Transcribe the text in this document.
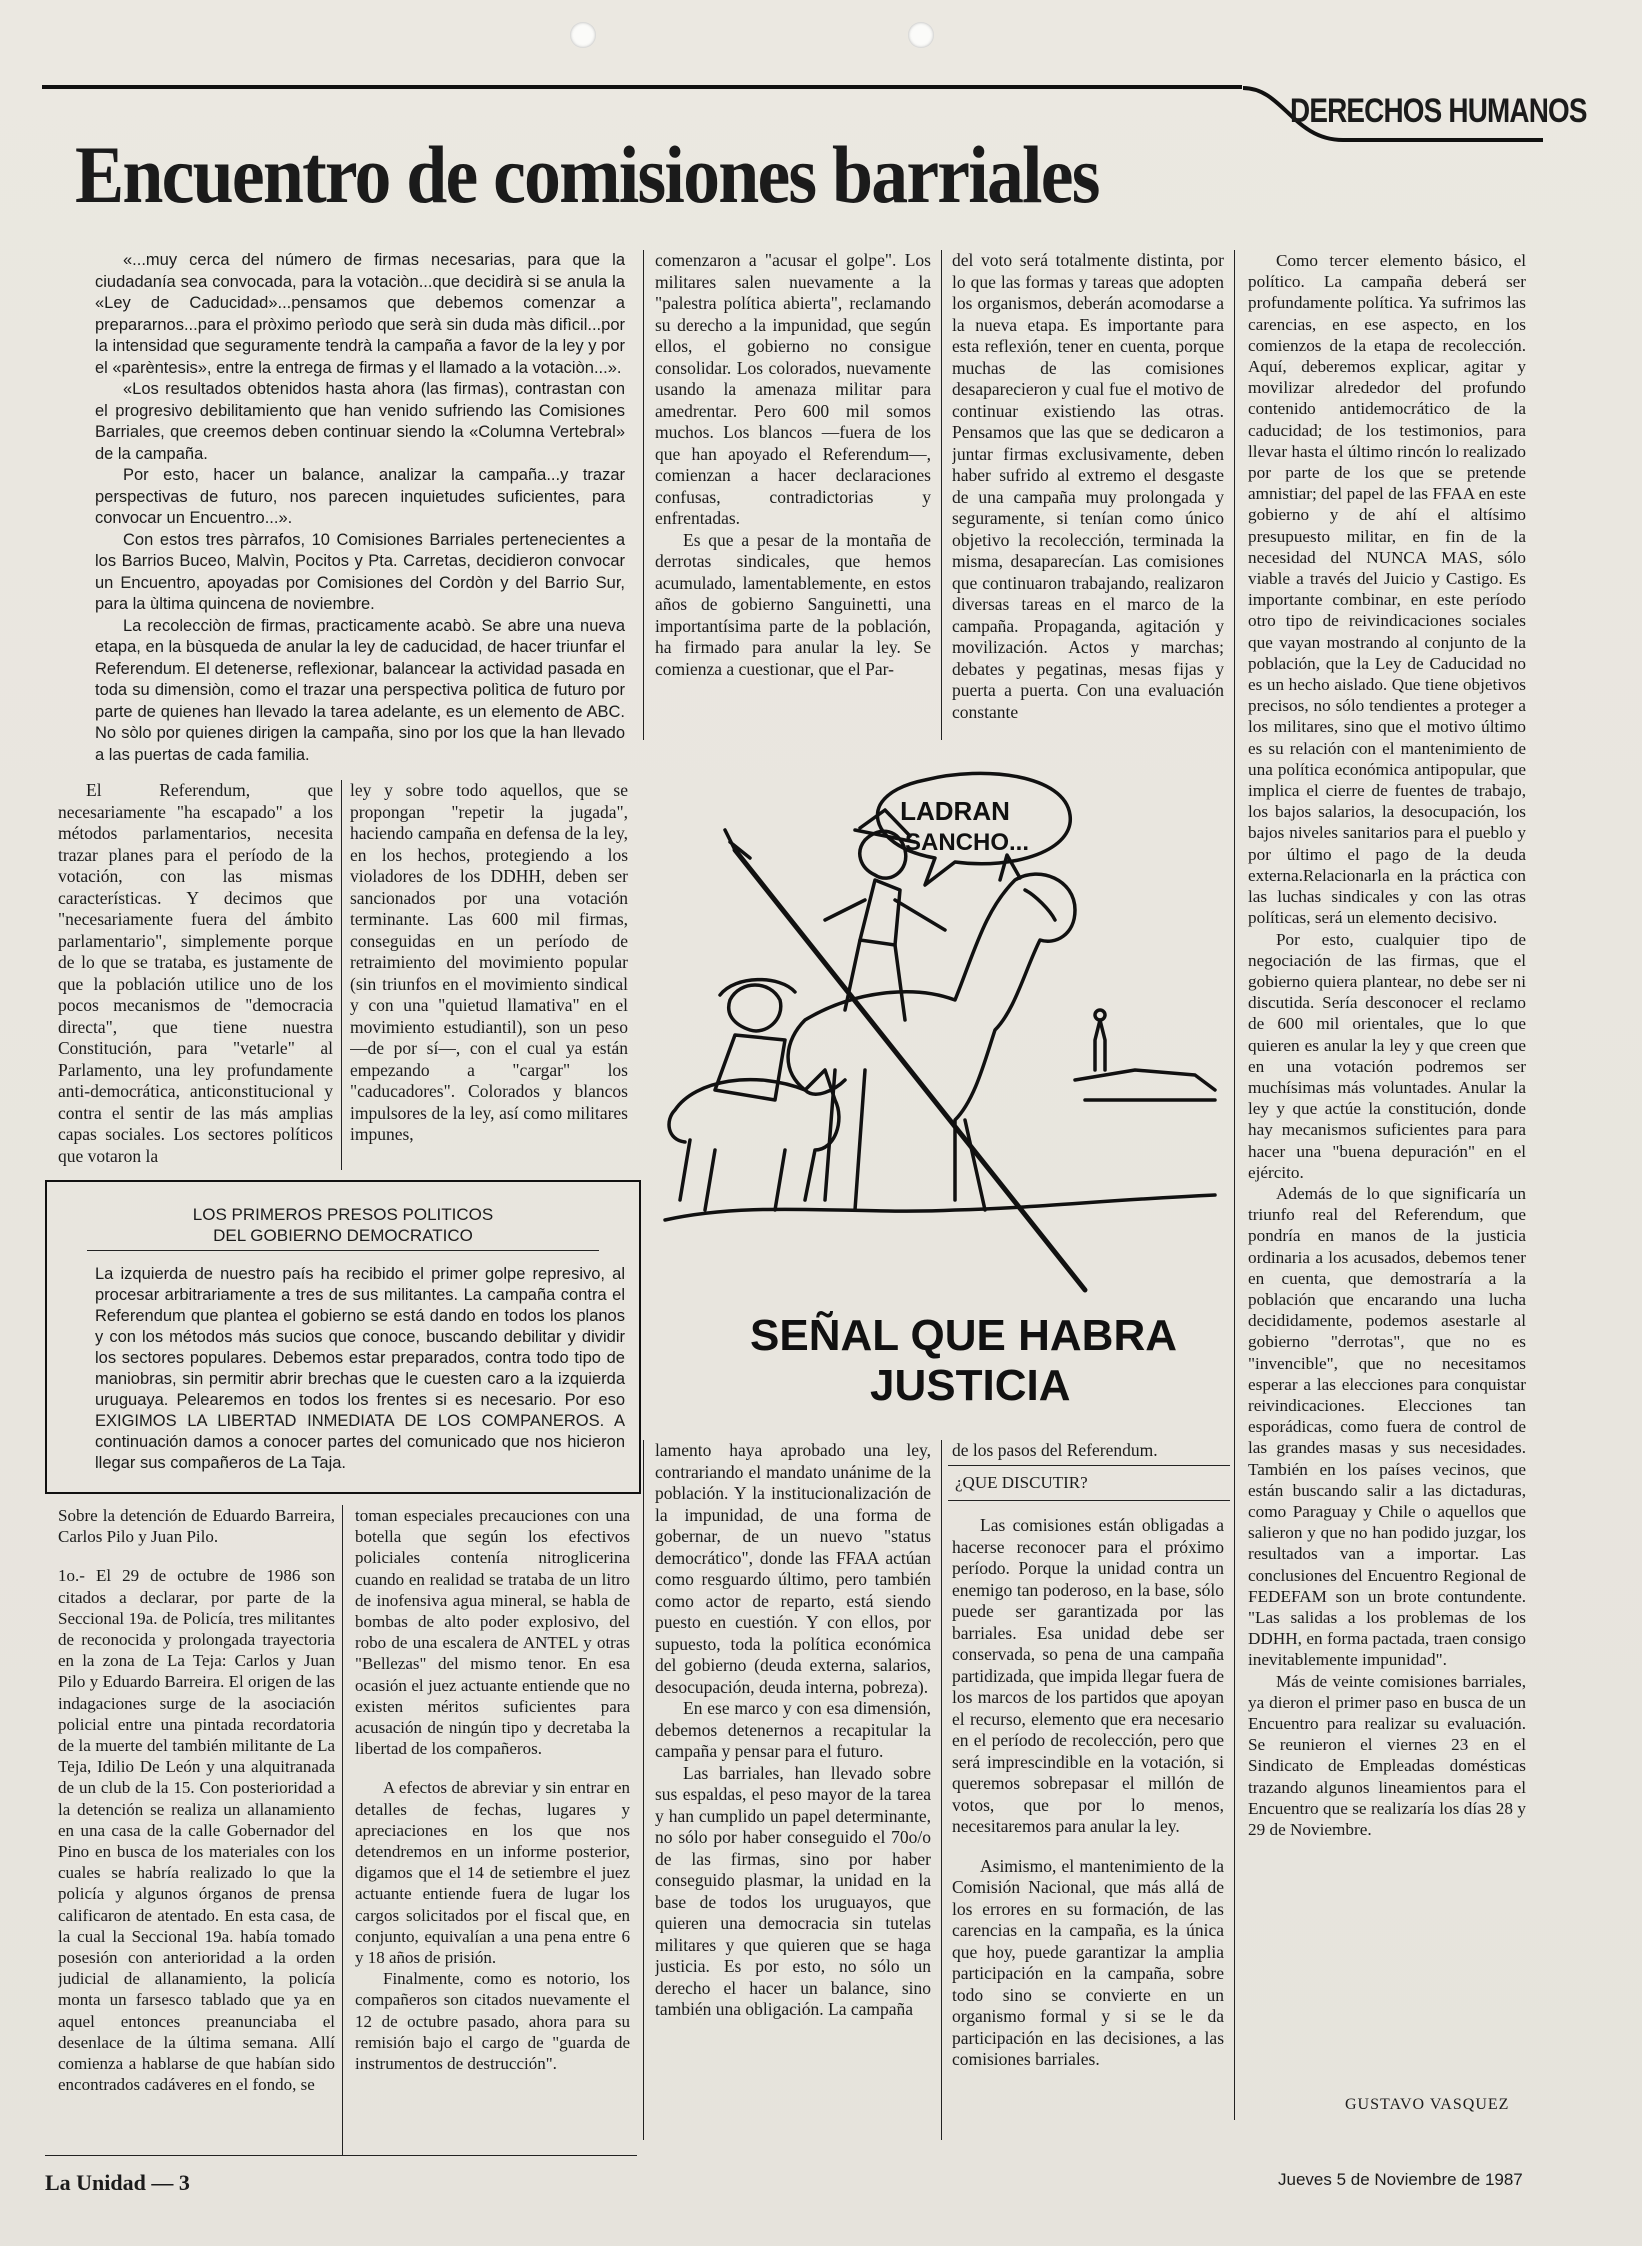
DERECHOS HUMANOS
Encuentro de comisiones barriales

«...muy cerca del número de firmas necesarias, para que la ciudadanía sea convocada, para la votaciòn...que decidirà si se anula la «Ley de Caducidad»...pensamos que debemos comenzar a prepararnos...para el pròximo perìodo que serà sin duda màs difìcil...por la intensidad que seguramente tendrà la campaña a favor de la ley y por el «parèntesis», entre la entrega de firmas y el llamado a la votaciòn...».

«Los resultados obtenidos hasta ahora (las firmas), contrastan con el progresivo debilitamiento que han venido sufriendo las Comisiones Barriales, que creemos deben continuar siendo la «Columna Vertebral» de la campaña.

Por esto, hacer un balance, analizar la campaña...y trazar perspectivas de futuro, nos parecen inquietudes suficientes, para convocar un Encuentro...».

Con estos tres pàrrafos, 10 Comisiones Barriales pertenecientes a los Barrios Buceo, Malvìn, Pocitos y Pta. Carretas, decidieron convocar un Encuentro, apoyadas por Comisiones del Cordòn y del Barrio Sur, para la ùltima quincena de noviembre.

La recolecciòn de firmas, practicamente acabò. Se abre una nueva etapa, en la bùsqueda de anular la ley de caducidad, de hacer triunfar el Referendum. El detenerse, reflexionar, balancear la actividad pasada en toda su dimensiòn, como el trazar una perspectiva polìtica de futuro por parte de quienes han llevado la tarea adelante, es un elemento de ABC. No sòlo por quienes dirigen la campaña, sino por los que la han llevado a las puertas de cada familia.

El Referendum, que necesariamente "ha escapado" a los métodos parlamentarios, necesita trazar planes para el período de la votación, con las mismas características. Y decimos que "necesariamente fuera del ámbito parlamentario", simplemente porque de lo que se trataba, es justamente de que la población utilice uno de los pocos mecanismos de "democracia directa", que tiene nuestra Constitución, para "vetarle" al Parlamento, una ley profundamente anti-democrática, anticonstitucional y contra el sentir de las más amplias capas sociales. Los sectores políticos que votaron la

ley y sobre todo aquellos, que se propongan "repetir la jugada", haciendo campaña en defensa de la ley, en los hechos, protegiendo a los violadores de los DDHH, deben ser sancionados por una votación terminante. Las 600 mil firmas, conseguidas en un período de retraimiento del movimiento popular (sin triunfos en el movimiento sindical y con una "quietud llamativa" en el movimiento estudiantil), son un peso —de por sí—, con el cual ya están empezando a "cargar" los "caducadores". Colorados y blancos impulsores de la ley, así como militares impunes,

comenzaron a "acusar el golpe". Los militares salen nuevamente a la "palestra política abierta", reclamando su derecho a la impunidad, que según ellos, el gobierno no consigue consolidar. Los colorados, nuevamente usando la amenaza militar para amedrentar. Pero 600 mil somos muchos. Los blancos —fuera de los que han apoyado el Referendum—, comienzan a hacer declaraciones confusas, contradictorias y enfrentadas.

Es que a pesar de la montaña de derrotas sindicales, que hemos acumulado, lamentablemente, en estos años de gobierno Sanguinetti, una importantísima parte de la población, ha firmado para anular la ley. Se comienza a cuestionar, que el Par-

del voto será totalmente distinta, por lo que las formas y tareas que adopten los organismos, deberán acomodarse a la nueva etapa. Es importante para esta reflexión, tener en cuenta, porque muchas de las comisiones desaparecieron y cual fue el motivo de continuar existiendo las otras. Pensamos que las que se dedicaron a juntar firmas exclusivamente, deben haber sufrido al extremo el desgaste de una campaña muy prolongada y seguramente, si tenían como único objetivo la recolección, terminada la misma, desaparecían. Las comisiones que continuaron trabajando, realizaron diversas tareas en el marco de la campaña. Propaganda, agitación y movilización. Actos y marchas; debates y pegatinas, mesas fijas y puerta a puerta. Con una evaluación constante

Como tercer elemento básico, el político. La campaña deberá ser profundamente política. Ya sufrimos las carencias, en ese aspecto, en los comienzos de la etapa de recolección. Aquí, deberemos explicar, agitar y movilizar alrededor del profundo contenido antidemocrático de la caducidad; de los testimonios, para llevar hasta el último rincón lo realizado por parte de los que se pretende amnistiar; del papel de las FFAA en este gobierno y de ahí el altísimo presupuesto militar, en fin de la necesidad del NUNCA MAS, sólo viable a través del Juicio y Castigo. Es importante combinar, en este período otro tipo de reivindicaciones sociales que vayan mostrando al conjunto de la población, que la Ley de Caducidad no es un hecho aislado. Que tiene objetivos precisos, no sólo tendientes a proteger a los militares, sino que el motivo último es su relación con el mantenimiento de una política económica antipopular, que implica el cierre de fuentes de trabajo, los bajos salarios, la desocupación, los bajos niveles sanitarios para el pueblo y por último el pago de la deuda externa.Relacionarla en la práctica con las luchas sindicales y con las otras políticas, será un elemento decisivo.

Por esto, cualquier tipo de negociación de las firmas, que el gobierno quiera plantear, no debe ser ni discutida. Sería desconocer el reclamo de 600 mil orientales, que lo que quieren es anular la ley y que creen que en una votación podremos ser muchísimas más voluntades. Anular la ley y que actúe la constitución, donde hay mecanismos suficientes para para hacer una "buena depuración" en el ejército.

Además de lo que significaría un triunfo real del Referendum, que pondría en manos de la justicia ordinaria a los acusados, debemos tener en cuenta, que demostraría a la población que encarando una lucha decididamente, podemos asestarle al gobierno "derrotas", que no es "invencible", que no necesitamos esperar a las elecciones para conquistar reivindicaciones. Elecciones tan esporádicas, como fuera de control de las grandes masas y sus necesidades. También en los países vecinos, que están buscando salir a las dictaduras, como Paraguay y Chile o aquellos que salieron y que no han podido juzgar, los resultados van a importar. Las conclusiones del Encuentro Regional de FEDEFAM son un brote contundente. "Las salidas a los problemas de los DDHH, en forma pactada, traen consigo inevitablemente impunidad".

Más de veinte comisiones barriales, ya dieron el primer paso en busca de un Encuentro para realizar su evaluación. Se reunieron el viernes 23 en el Sindicato de Empleadas domésticas trazando algunos lineamientos para el Encuentro que se realizaría los días 28 y 29 de Noviembre.

GUSTAVO VASQUEZ
LADRAN
SANCHO...
SEÑAL QUE HABRA
JUSTICIA
LOS PRIMEROS PRESOS POLITICOS
DEL GOBIERNO DEMOCRATICO
La izquierda de nuestro país ha recibido el primer golpe represivo, al procesar arbitrariamente a tres de sus militantes. La campaña contra el Referendum que plantea el gobierno se está dando en todos los planos y con los métodos más sucios que conoce, buscando debilitar y dividir los sectores populares. Debemos estar preparados, contra todo tipo de maniobras, sin permitir abrir brechas que le cuesten caro a la izquierda uruguaya. Pelearemos en todos los frentes si es necesario. Por eso EXIGIMOS LA LIBERTAD INMEDIATA DE LOS COMPANEROS. A continuación damos a conocer partes del comunicado que nos hicieron llegar sus compañeros de La Taja.

Sobre la detención de Eduardo Barreira, Carlos Pilo y Juan Pilo.

1o.- El 29 de octubre de 1986 son citados a declarar, por parte de la Seccional 19a. de Policía, tres militantes de reconocida y prolongada trayectoria en la zona de La Teja: Carlos y Juan Pilo y Eduardo Barreira. El origen de las indagaciones surge de la asociación policial entre una pintada recordatoria de la muerte del también militante de La Teja, Idilio De León y una alquitranada de un club de la 15. Con posterioridad a la detención se realiza un allanamiento en una casa de la calle Gobernador del Pino en busca de los materiales con los cuales se habría realizado lo que la policía y algunos órganos de prensa calificaron de atentado. En esta casa, de la cual la Seccional 19a. había tomado posesión con anterioridad a la orden judicial de allanamiento, la policía monta un farsesco tablado que ya en aquel entonces preanunciaba el desenlace de la última semana. Allí comienza a hablarse de que habían sido encontrados cadáveres en el fondo, se

toman especiales precauciones con una botella que según los efectivos policiales contenía nitroglicerina cuando en realidad se trataba de un litro de inofensiva agua mineral, se habla de bombas de alto poder explosivo, del robo de una escalera de ANTEL y otras "Bellezas" del mismo tenor. En esa ocasión el juez actuante entiende que no existen méritos suficientes para acusación de ningún tipo y decretaba la libertad de los compañeros.

A efectos de abreviar y sin entrar en detalles de fechas, lugares y apreciaciones en los que nos detendremos en un informe posterior, digamos que el 14 de setiembre el juez actuante entiende fuera de lugar los cargos solicitados por el fiscal que, en conjunto, equivalían a una pena entre 6 y 18 años de prisión.

Finalmente, como es notorio, los compañeros son citados nuevamente el 12 de octubre pasado, ahora para su remisión bajo el cargo de "guarda de instrumentos de destrucción".

lamento haya aprobado una ley, contrariando el mandato unánime de la población. Y la institucionalización de la impunidad, de una forma de gobernar, de un nuevo "status democrático", donde las FFAA actúan como resguardo último, pero también como actor de reparto, está siendo puesto en cuestión. Y con ellos, por supuesto, toda la política económica del gobierno (deuda externa, salarios, desocupación, deuda interna, pobreza).

En ese marco y con esa dimensión, debemos detenernos a recapitular la campaña y pensar para el futuro.

Las barriales, han llevado sobre sus espaldas, el peso mayor de la tarea y han cumplido un papel determinante, no sólo por haber conseguido el 70o/o de las firmas, sino por haber conseguido plasmar, la unidad en la base de todos los uruguayos, que quieren una democracia sin tutelas militares y que quieren que se haga justicia. Es por esto, no sólo un derecho el hacer un balance, sino también una obligación. La campaña

de los pasos del Referendum.

¿QUE DISCUTIR?

Las comisiones están obligadas a hacerse reconocer para el próximo período. Porque la unidad contra un enemigo tan poderoso, en la base, sólo puede ser garantizada por las barriales. Esa unidad debe ser conservada, so pena de una campaña partidizada, que impida llegar fuera de los marcos de los partidos que apoyan el recurso, elemento que era necesario en el período de recolección, pero que será imprescindible en la votación, si queremos sobrepasar el millón de votos, que por lo menos, necesitaremos para anular la ley.

Asimismo, el mantenimiento de la Comisión Nacional, que más allá de los errores en su formación, de las carencias en la campaña, es la única que hoy, puede garantizar la amplia participación en la campaña, sobre todo sino se convierte en un organismo formal y si se le da participación en las decisiones, a las comisiones barriales.

La Unidad — 3	Jueves 5 de Noviembre de 1987
